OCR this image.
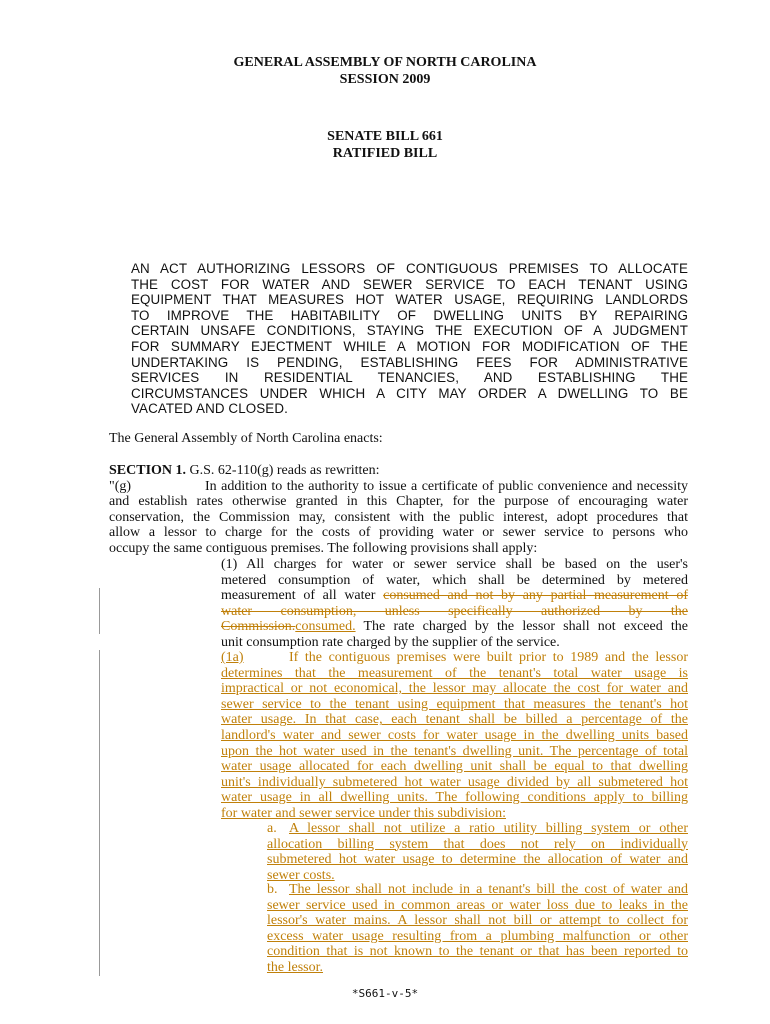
GENERAL ASSEMBLY OF NORTH CAROLINA
SESSION 2009
SENATE BILL 661
RATIFIED BILL
AN ACT AUTHORIZING LESSORS OF CONTIGUOUS PREMISES TO ALLOCATE
THE COST FOR WATER AND SEWER SERVICE TO EACH TENANT USING
EQUIPMENT THAT MEASURES HOT WATER USAGE, REQUIRING LANDLORDS
TO IMPROVE THE HABITABILITY OF DWELLING UNITS BY REPAIRING
CERTAIN UNSAFE CONDITIONS, STAYING THE EXECUTION OF A JUDGMENT
FOR SUMMARY EJECTMENT WHILE A MOTION FOR MODIFICATION OF THE
UNDERTAKING IS PENDING, ESTABLISHING FEES FOR ADMINISTRATIVE
SERVICES IN RESIDENTIAL TENANCIES, AND ESTABLISHING THE
CIRCUMSTANCES UNDER WHICH A CITY MAY ORDER A DWELLING TO BE
VACATED AND CLOSED.
The General Assembly of North Carolina enacts:
SECTION 1. G.S. 62-110(g) reads as rewritten:
"(g)	In addition to the authority to issue a certificate of public convenience and necessity
and establish rates otherwise granted in this Chapter, for the purpose of encouraging water
conservation, the Commission may, consistent with the public interest, adopt procedures that
allow a lessor to charge for the costs of providing water or sewer service to persons who
occupy the same contiguous premises. The following provisions shall apply:
(1) All charges for water or sewer service shall be based on the user's
metered consumption of water, which shall be determined by metered
measurement of all water consumed and not by any partial measurement of
water consumption, unless specifically authorized by the
Commission.consumed. The rate charged by the lessor shall not exceed the
unit consumption rate charged by the supplier of the service.
(1a)	If the contiguous premises were built prior to 1989 and the lessor
determines that the measurement of the tenant's total water usage is
impractical or not economical, the lessor may allocate the cost for water and
sewer service to the tenant using equipment that measures the tenant's hot
water usage. In that case, each tenant shall be billed a percentage of the
landlord's water and sewer costs for water usage in the dwelling units based
upon the hot water used in the tenant's dwelling unit. The percentage of total
water usage allocated for each dwelling unit shall be equal to that dwelling
unit's individually submetered hot water usage divided by all submetered hot
water usage in all dwelling units. The following conditions apply to billing
for water and sewer service under this subdivision:
a. A lessor shall not utilize a ratio utility billing system or other
allocation billing system that does not rely on individually
submetered hot water usage to determine the allocation of water and
sewer costs.
b. The lessor shall not include in a tenant's bill the cost of water and
sewer service used in common areas or water loss due to leaks in the
lessor's water mains. A lessor shall not bill or attempt to collect for
excess water usage resulting from a plumbing malfunction or other
condition that is not known to the tenant or that has been reported to
the lessor.
*S661-v-5*
